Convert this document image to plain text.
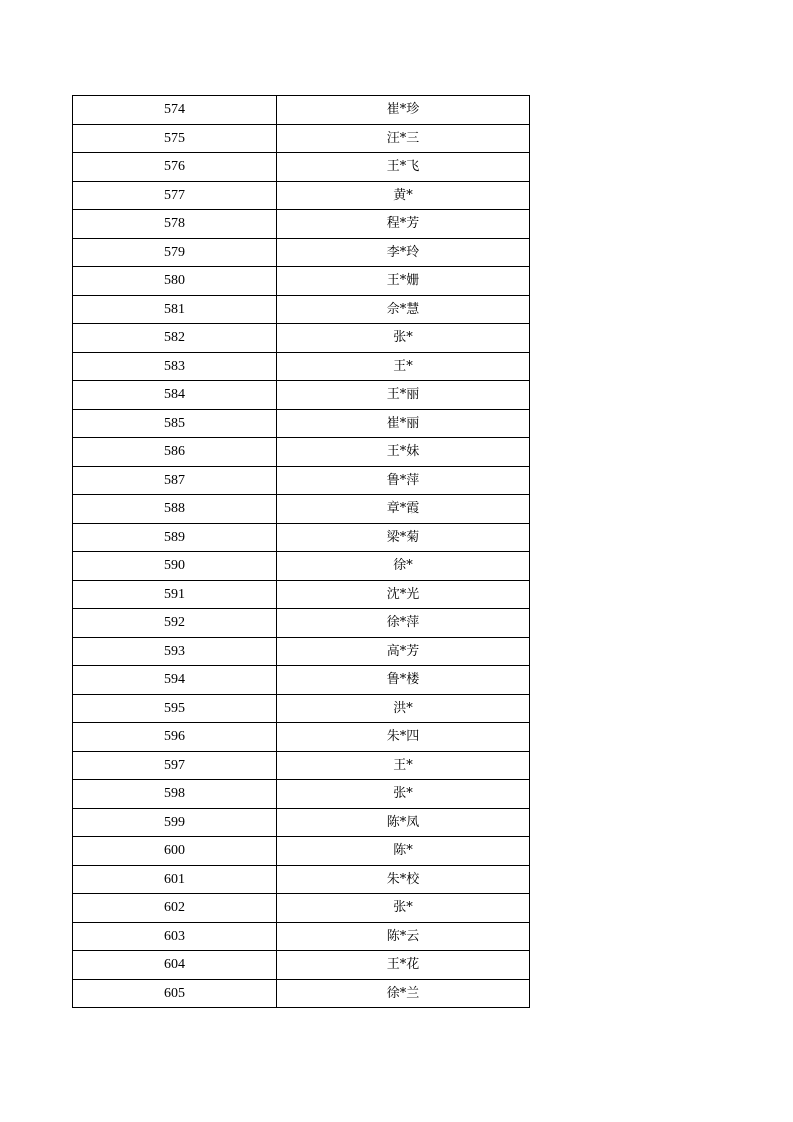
574	崔*珍
575	汪*三
576	王*飞
577	黄*
578	程*芳
579	李*玲
580	王*姗
581	佘*慧
582	张*
583	王*
584	王*丽
585	崔*丽
586	王*妹
587	鲁*萍
588	章*霞
589	梁*菊
590	徐*
591	沈*光
592	徐*萍
593	高*芳
594	鲁*楼
595	洪*
596	朱*四
597	王*
598	张*
599	陈*凤
600	陈*
601	朱*校
602	张*
603	陈*云
604	王*花
605	徐*兰
